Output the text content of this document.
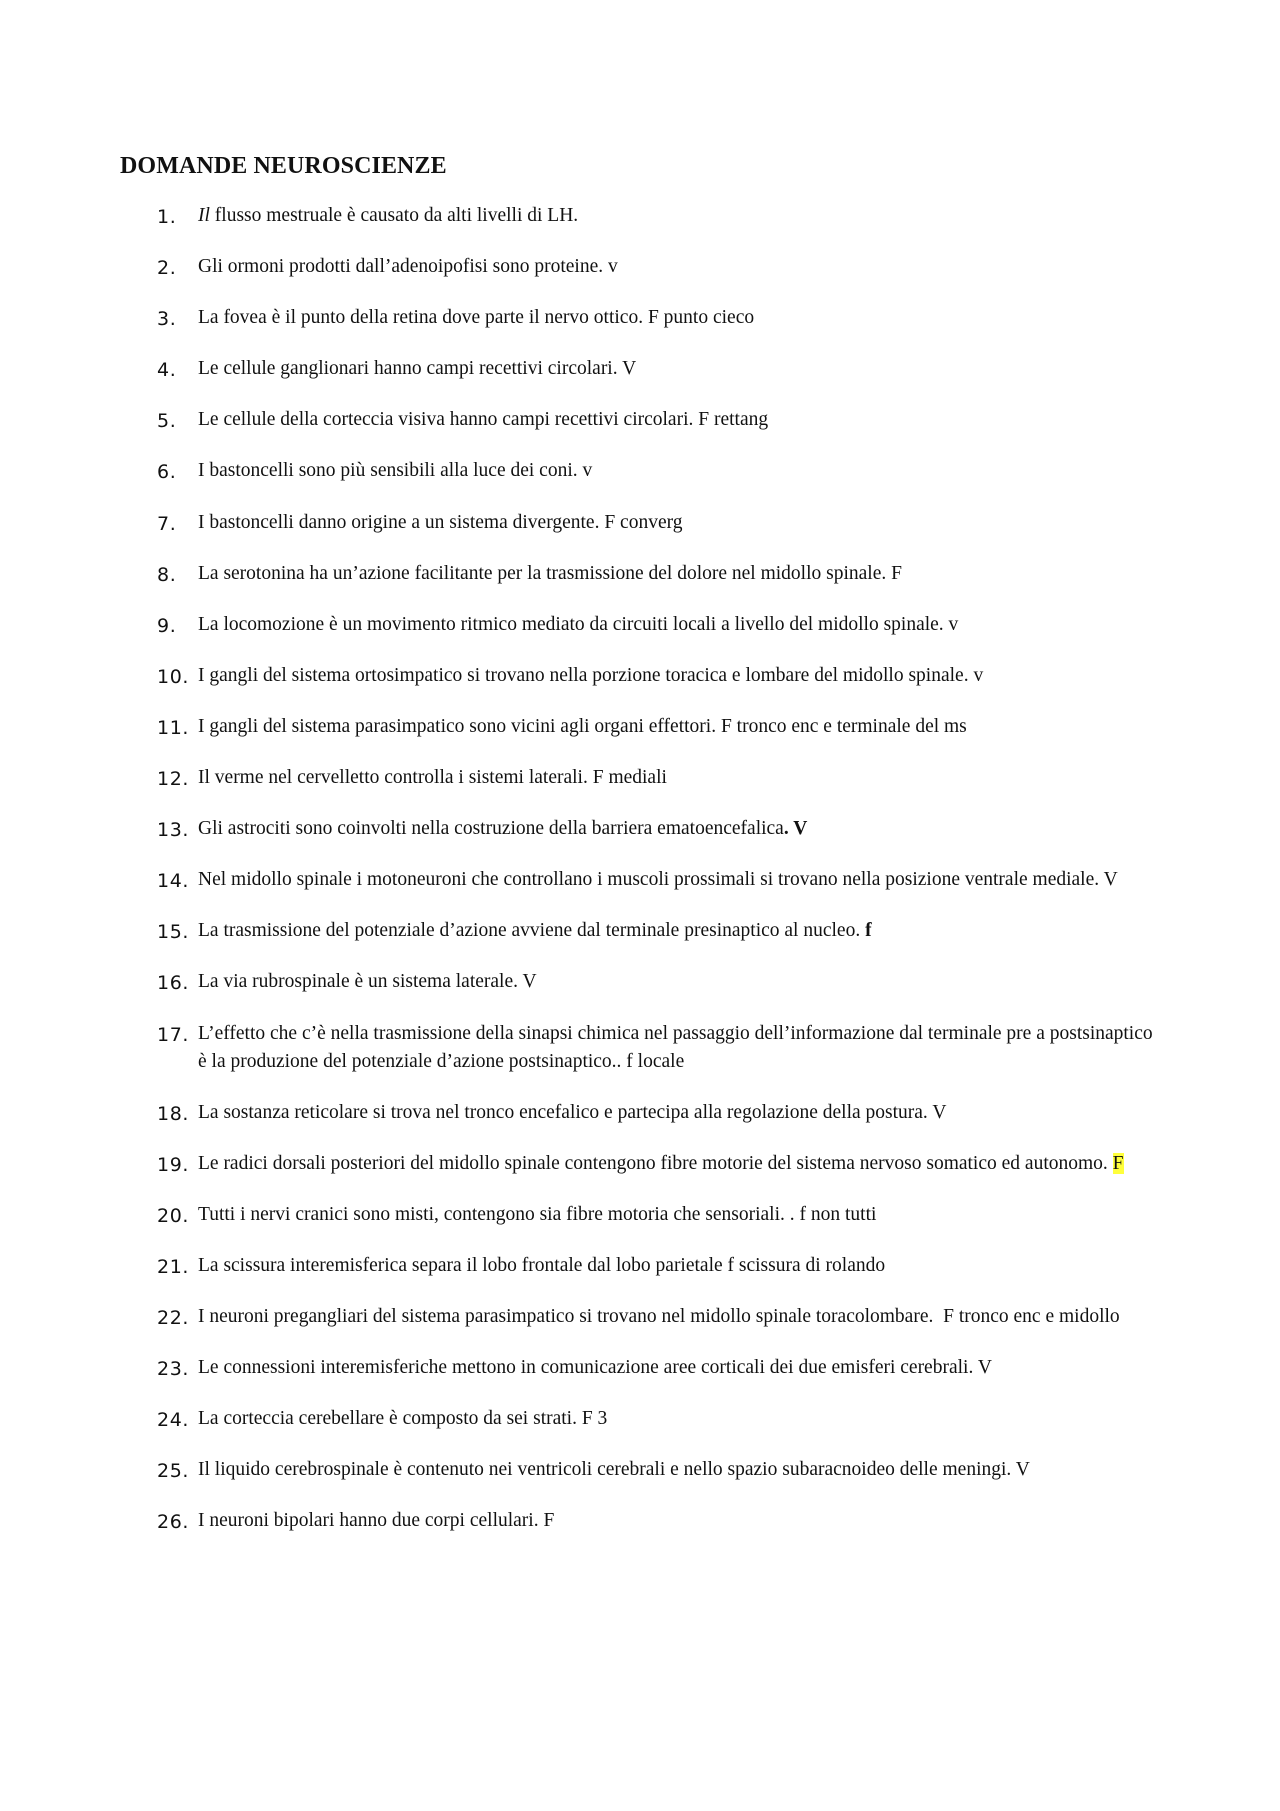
DOMANDE NEUROSCIENZE
1.	Il flusso mestruale è causato da alti livelli di LH.
2.	Gli ormoni prodotti dall’adenoipofisi sono proteine. v
3.	La fovea è il punto della retina dove parte il nervo ottico. F punto cieco
4.	Le cellule ganglionari hanno campi recettivi circolari. V
5.	Le cellule della corteccia visiva hanno campi recettivi circolari. F rettang
6.	I bastoncelli sono più sensibili alla luce dei coni. v
7.	I bastoncelli danno origine a un sistema divergente. F converg
8.	La serotonina ha un’azione facilitante per la trasmissione del dolore nel midollo spinale. F
9.	La locomozione è un movimento ritmico mediato da circuiti locali a livello del midollo spinale. v
10. I gangli del sistema ortosimpatico si trovano nella porzione toracica e lombare del midollo spinale. v
11. I gangli del sistema parasimpatico sono vicini agli organi effettori. F tronco enc e terminale del ms
12. Il verme nel cervelletto controlla i sistemi laterali. F mediali
13. Gli astrociti sono coinvolti nella costruzione della barriera ematoencefalica. V
14. Nel midollo spinale i motoneuroni che controllano i muscoli prossimali si trovano nella posizione ventrale mediale. V
15. La trasmissione del potenziale d’azione avviene dal terminale presinaptico al nucleo. f
16. La via rubrospinale è un sistema laterale. V
17. L’effetto che c’è nella trasmissione della sinapsi chimica nel passaggio dell’informazione dal terminale pre a postsinaptico è la produzione del potenziale d’azione postsinaptico.. f locale
18. La sostanza reticolare si trova nel tronco encefalico e partecipa alla regolazione della postura. V
19. Le radici dorsali posteriori del midollo spinale contengono fibre motorie del sistema nervoso somatico ed autonomo. F
20. Tutti i nervi cranici sono misti, contengono sia fibre motoria che sensoriali. . f non tutti
21. La scissura interemisferica separa il lobo frontale dal lobo parietale f scissura di rolando
22. I neuroni pregangliari del sistema parasimpatico si trovano nel midollo spinale toracolombare.  F tronco enc e midollo
23. Le connessioni interemisferiche mettono in comunicazione aree corticali dei due emisferi cerebrali. V
24. La corteccia cerebellare è composto da sei strati. F 3
25. Il liquido cerebrospinale è contenuto nei ventricoli cerebrali e nello spazio subaracnoideo delle meningi. V
26. I neuroni bipolari hanno due corpi cellulari. F
